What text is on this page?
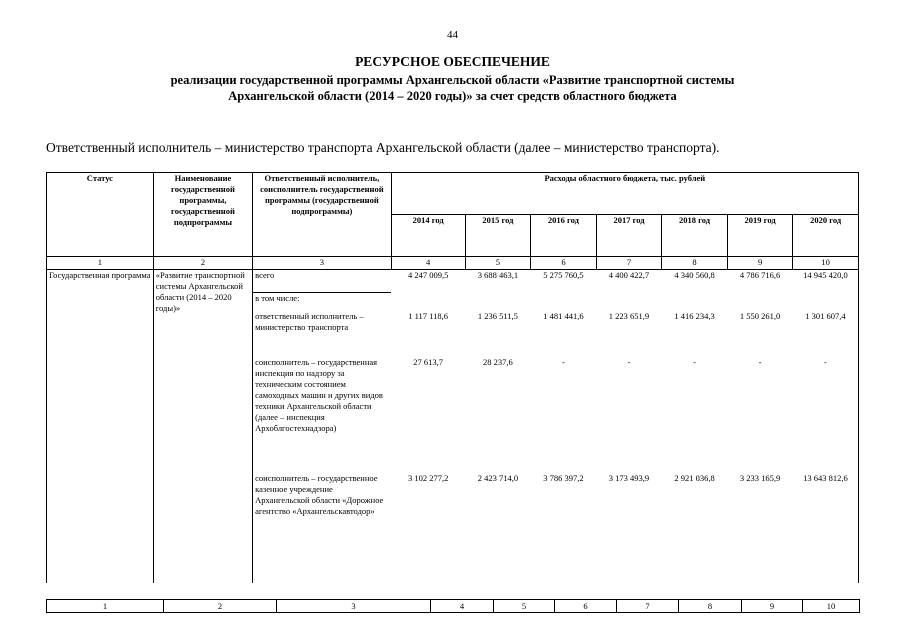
44
РЕСУРСНОЕ ОБЕСПЕЧЕНИЕ
реализации государственной программы Архангельской области «Развитие транспортной системы
Архангельской области (2014 – 2020 годы)» за счет средств областного бюджета
Ответственный исполнитель – министерство транспорта Архангельской области (далее – министерство транспорта).
Статус	Наименование государственной программы, государственной подпрограммы	Ответственный исполнитель, соисполнитель государственной программы (государственной подпрограммы)	Расходы областного бюджета, тыс. рублей						
			2014 год	2015 год	2016 год	2017 год	2018 год	2019 год	2020 год
1	2	3	4	5	6	7	8	9	10
Государственная программа	«Развитие транспортной системы Архангельской области (2014 – 2020 годы)»	всего	4 247 009,5	3 688 463,1	5 275 760,5	4 400 422,7	4 340 560,8	4 786 716,6	14 945 420,0
		в том числе:							
		ответственный исполнитель – министерство транспорта	1 117 118,6	1 236 511,5	1 481 441,6	1 223 651,9	1 416 234,3	1 550 261,0	1 301 607,4
		соисполнитель – государственная инспекция по надзору за техническим состоянием самоходных машин и других видов техники Архангельской области (далее – инспекция Архоблгостехнадзора)	27 613,7	28 237,6	-	-	-	-	-
		соисполнитель – государственное казенное учреждение Архангельской области «Дорожное агентство «Архангельскавтодор»	3 102 277,2	2 423 714,0	3 786 397,2	3 173 493,9	2 921 036,8	3 233 165,9	13 643 812,6
1	2	3	4	5	6	7	8	9	10
